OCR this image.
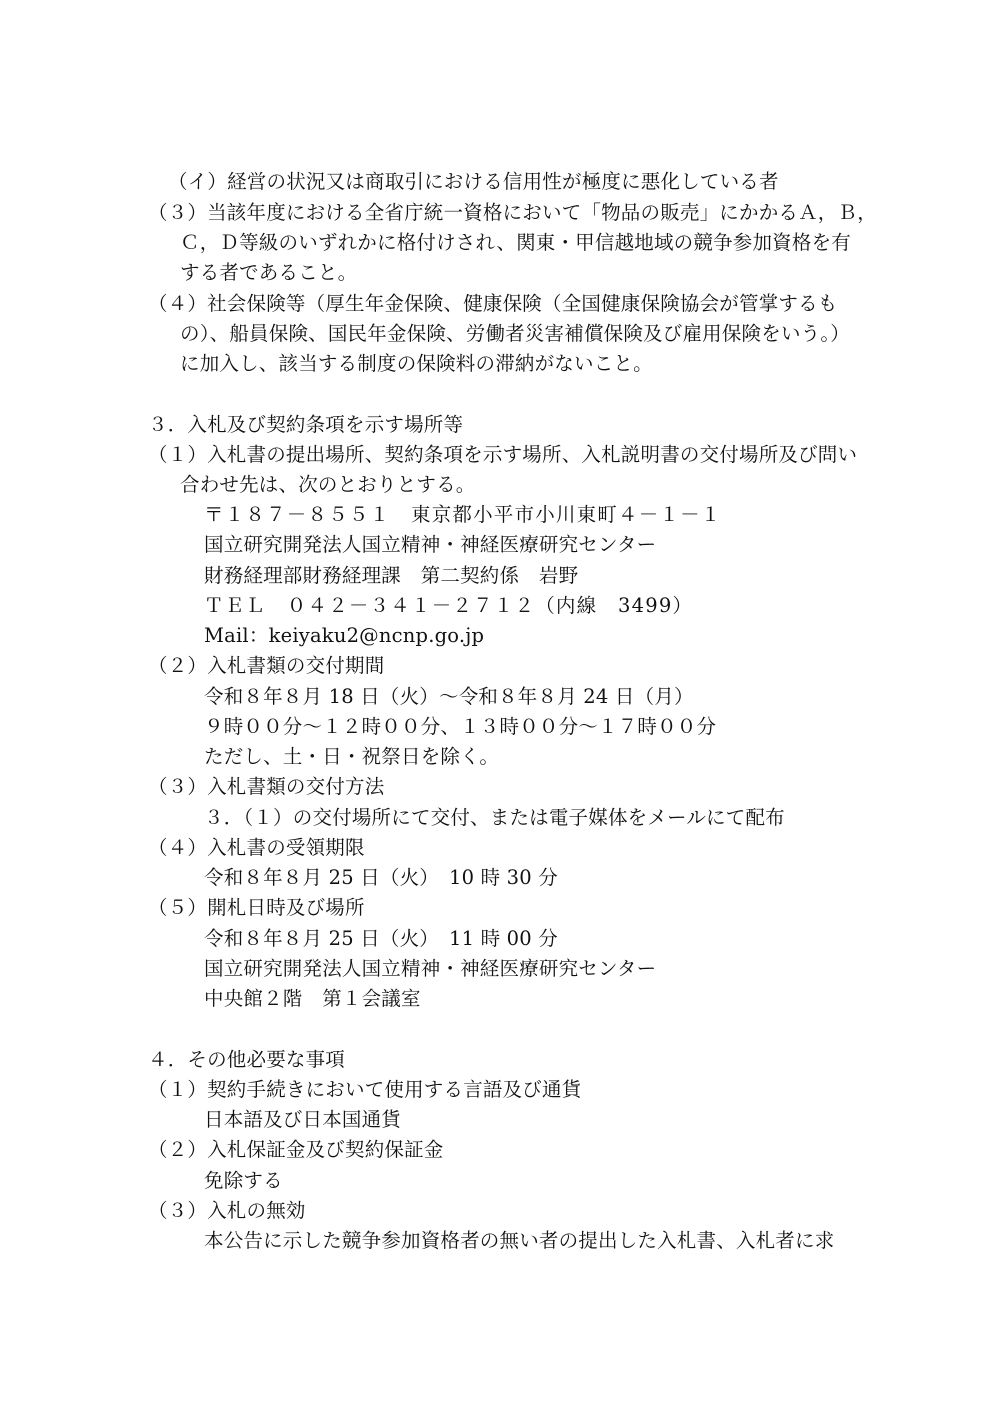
（イ）経営の状況又は商取引における信用性が極度に悪化している者
（３）当該年度における全省庁統一資格において「物品の販売」にかかるＡ，Ｂ，
Ｃ，Ｄ等級のいずれかに格付けされ、関東・甲信越地域の競争参加資格を有
する者であること。
（４）社会保険等（厚生年金保険、健康保険（全国健康保険協会が管掌するも
の）、船員保険、国民年金保険、労働者災害補償保険及び雇用保険をいう。）
に加入し、該当する制度の保険料の滞納がないこと。
３．入札及び契約条項を示す場所等
（１）入札書の提出場所、契約条項を示す場所、入札説明書の交付場所及び問い
合わせ先は、次のとおりとする。
〒１８７－８５５１　東京都小平市小川東町４－１－１
国立研究開発法人国立精神・神経医療研究センター
財務経理部財務経理課　第二契約係　岩野
ＴＥＬ　０４２－３４１－２７１２（内線　3499）
Mail：keiyaku2@ncnp.go.jp
（２）入札書類の交付期間
令和８年８月 18 日（火）～令和８年８月 24 日（月）
９時００分～１２時００分、１３時００分～１７時００分
ただし、土・日・祝祭日を除く。
（３）入札書類の交付方法
３．（１）の交付場所にて交付、または電子媒体をメールにて配布
（４）入札書の受領期限
令和８年８月 25 日（火）　10 時 30 分
（５）開札日時及び場所
令和８年８月 25 日（火）　11 時 00 分
国立研究開発法人国立精神・神経医療研究センター
中央館２階　第１会議室
４．その他必要な事項
（１）契約手続きにおいて使用する言語及び通貨
日本語及び日本国通貨
（２）入札保証金及び契約保証金
免除する
（３）入札の無効
本公告に示した競争参加資格者の無い者の提出した入札書、入札者に求
